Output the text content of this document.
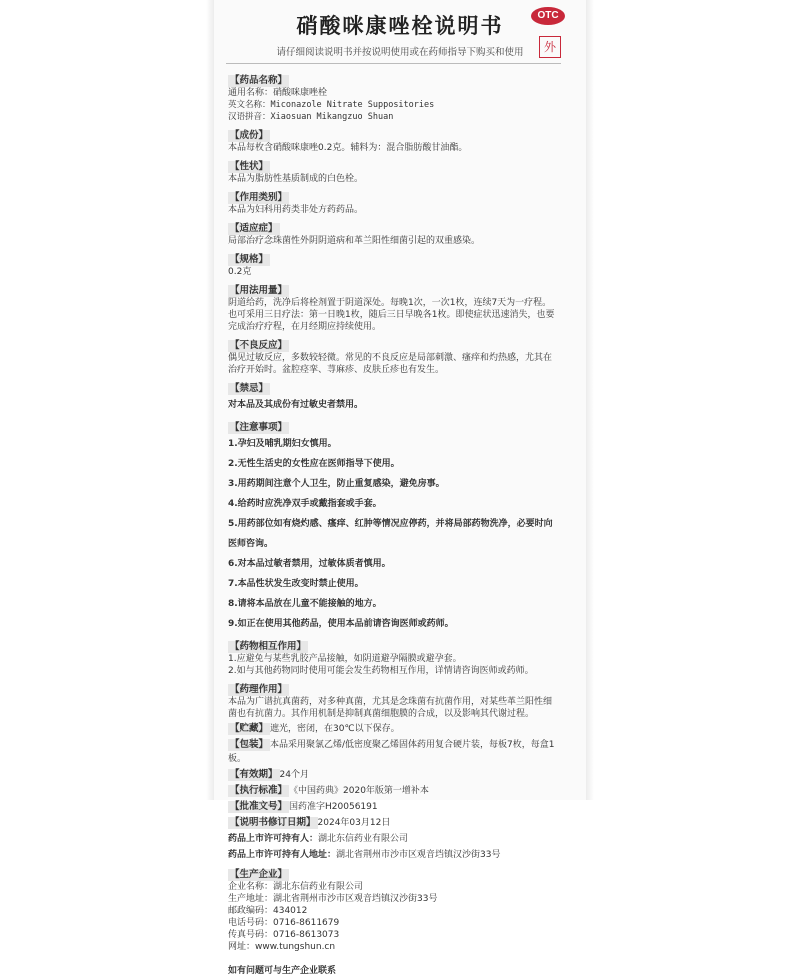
硝酸咪康唑栓说明书
请仔细阅读说明书并按说明使用或在药师指导下购买和使用
OTC
外
【药品名称】
通用名称：硝酸咪康唑栓
英文名称：Miconazole Nitrate Suppositories
汉语拼音：Xiaosuan Mikangzuo Shuan
【成份】
本品每枚含硝酸咪康唑0.2克。辅料为：混合脂肪酸甘油酯。
【性状】
本品为脂肪性基质制成的白色栓。
【作用类别】
本品为妇科用药类非处方药药品。
【适应症】
局部治疗念珠菌性外阴阴道病和革兰阳性细菌引起的双重感染。
【规格】
0.2克
【用法用量】
阴道给药，洗净后将栓剂置于阴道深处。每晚1次，一次1枚，连续7天为一疗程。也可采用三日疗法：第一日晚1枚，随后三日早晚各1枚。即使症状迅速消失，也要完成治疗疗程，在月经期应持续使用。
【不良反应】
偶见过敏反应，多数较轻微。常见的不良反应是局部刺激、瘙痒和灼热感，尤其在治疗开始时。盆腔痉挛、荨麻疹、皮肤丘疹也有发生。
【禁忌】
对本品及其成份有过敏史者禁用。
【注意事项】
1.孕妇及哺乳期妇女慎用。
2.无性生活史的女性应在医师指导下使用。
3.用药期间注意个人卫生，防止重复感染，避免房事。
4.给药时应洗净双手或戴指套或手套。
5.用药部位如有烧灼感、瘙痒、红肿等情况应停药，并将局部药物洗净，必要时向医师咨询。
6.对本品过敏者禁用，过敏体质者慎用。
7.本品性状发生改变时禁止使用。
8.请将本品放在儿童不能接触的地方。
9.如正在使用其他药品，使用本品前请咨询医师或药师。
【药物相互作用】
1.应避免与某些乳胶产品接触，如阴道避孕隔膜或避孕套。
2.如与其他药物同时使用可能会发生药物相互作用，详情请咨询医师或药师。
【药理作用】
本品为广谱抗真菌药，对多种真菌，尤其是念珠菌有抗菌作用，对某些革兰阳性细菌也有抗菌力。其作用机制是抑制真菌细胞膜的合成，以及影响其代谢过程。
【贮藏】 遮光，密闭，在30℃以下保存。
【包装】 本品采用聚氯乙烯/低密度聚乙烯固体药用复合硬片装，每板7枚，每盒1板。
【有效期】 24个月
【执行标准】 《中国药典》2020年版第一增补本
【批准文号】 国药准字H20056191
【说明书修订日期】 2024年03月12日
药品上市许可持有人：湖北东信药业有限公司
药品上市许可持有人地址：湖北省荆州市沙市区观音垱镇汉沙街33号
【生产企业】
企业名称：湖北东信药业有限公司
生产地址：湖北省荆州市沙市区观音垱镇汉沙街33号
邮政编码：434012
电话号码：0716-8611679
传真号码：0716-8613073
网址：www.tungshun.cn
如有问题可与生产企业联系
